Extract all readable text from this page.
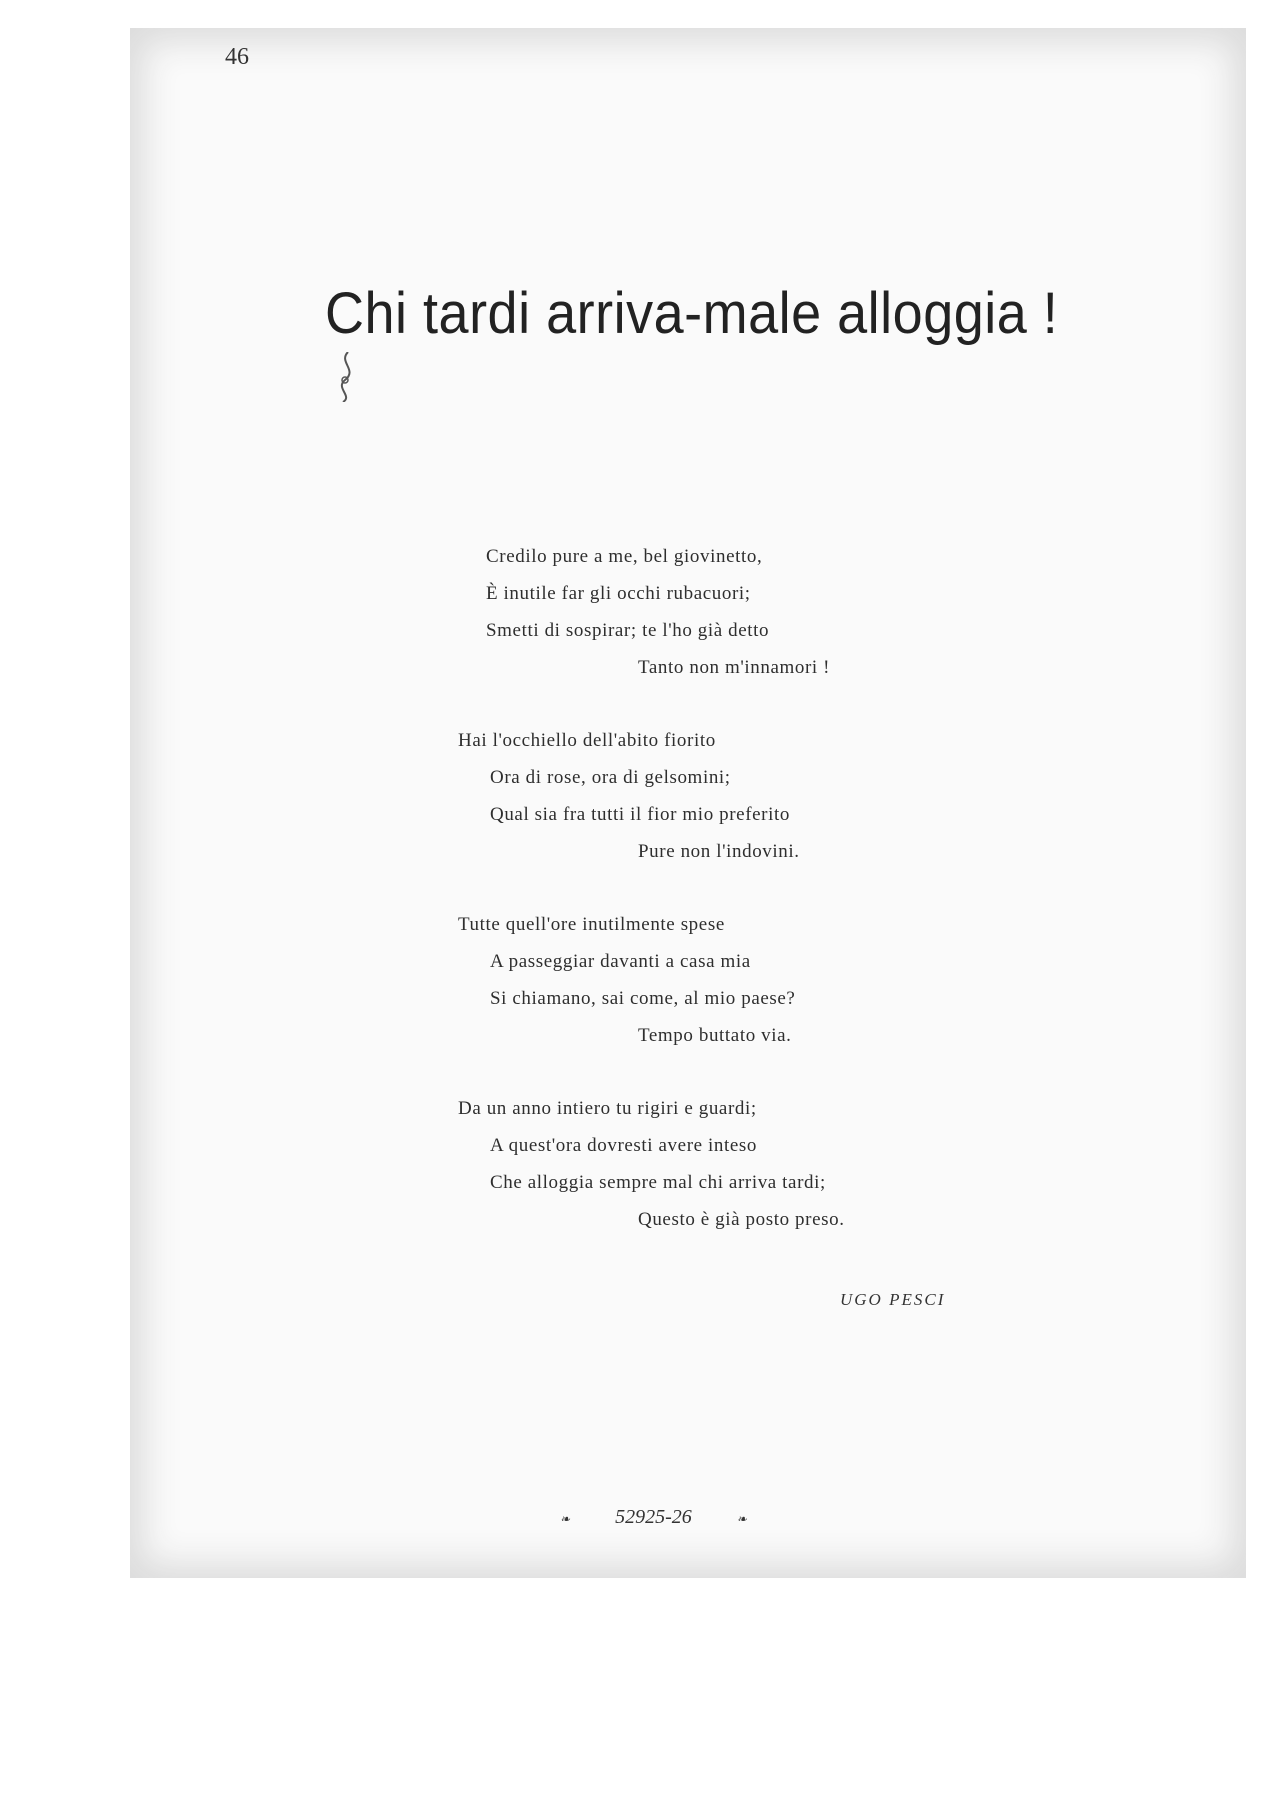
46
Chi tardi arriva-male alloggia !
Credilo pure a me, bel giovinetto,
È inutile far gli occhi rubacuori;
Smetti di sospirar; te l'ho già detto
Tanto non m'innamori !
Hai l'occhiello dell'abito fiorito
Ora di rose, ora di gelsomini;
Qual sia fra tutti il fior mio preferito
Pure non l'indovini.
Tutte quell'ore inutilmente spese
A passeggiar davanti a casa mia
Si chiamano, sai come, al mio paese?
Tempo buttato via.
Da un anno intiero tu rigiri e guardi;
A quest'ora dovresti avere inteso
Che alloggia sempre mal chi arriva tardi;
Questo è già posto preso.
UGO PESCI
❧ 52925-26	❧
